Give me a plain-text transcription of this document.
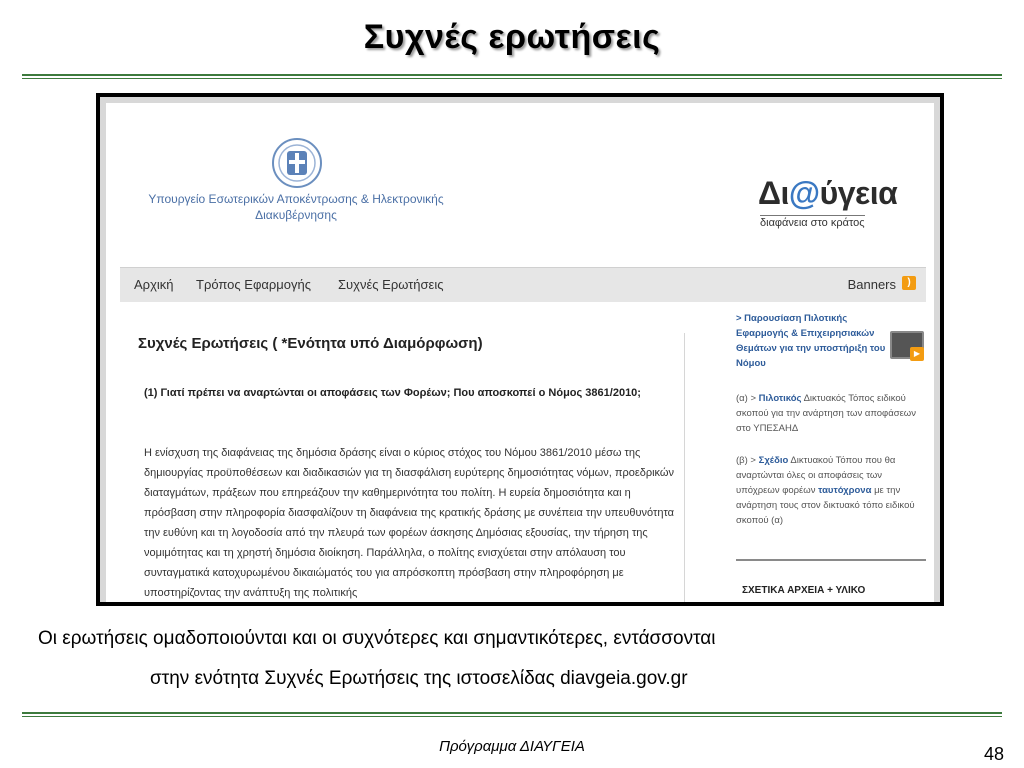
Συχνές ερωτήσεις
Υπουργείο Εσωτερικών Αποκέντρωσης & Ηλεκτρονικής
Διακυβέρνησης
Δι@ύγεια
διαφάνεια στο κράτος
Αρχική Τρόπος Εφαρμογής Συχνές Ερωτήσεις	Banners	)
Συχνές Ερωτήσεις ( *Ενότητα υπό Διαμόρφωση)
(1) Γιατί πρέπει να αναρτώνται οι αποφάσεις των Φορέων; Που αποσκοπεί ο Νόμος 3861/2010;
Η ενίσχυση της διαφάνειας της δημόσια δράσης είναι ο κύριος στόχος του Νόμου 3861/2010 μέσω της δημιουργίας προϋποθέσεων και διαδικασιών για τη διασφάλιση ευρύτερης δημοσιότητας νόμων, προεδρικών διαταγμάτων, πράξεων που επηρεάζουν την καθημερινότητα του πολίτη. Η ευρεία δημοσιότητα και η πρόσβαση στην πληροφορία διασφαλίζουν τη διαφάνεια της κρατικής δράσης με συνέπεια την υπευθυνότητα την ευθύνη και τη λογοδοσία από την πλευρά των φορέων άσκησης Δημόσιας εξουσίας, την τήρηση της νομιμότητας και τη χρηστή δημόσια διοίκηση. Παράλληλα, ο πολίτης ενισχύεται στην απόλαυση του συνταγματικά κατοχυρωμένου δικαιώματός του για απρόσκοπτη πρόσβαση στην πληροφόρηση με υποστηρίζοντας την ανάπτυξη της πολιτικής
> Παρουσίαση Πιλοτικής Εφαρμογής & Επιχειρησιακών Θεμάτων για την υποστήριξη του Νόμου
▶
(α) > Πιλοτικός Δικτυακός Τόπος ειδικού σκοπού για την ανάρτηση των αποφάσεων στο ΥΠΕΣΑΗΔ
(β) > Σχέδιο Δικτυακού Τόπου που θα αναρτώνται όλες οι αποφάσεις των υπόχρεων φορέων ταυτόχρονα με την ανάρτηση τους στον δικτυακό τόπο ειδικού σκοπού (α)
ΣΧΕΤΙΚΑ ΑΡΧΕΙΑ + ΥΛΙΚΟ
Οι ερωτήσεις ομαδοποιούνται και οι συχνότερες και σημαντικότερες, εντάσσονται
στην ενότητα Συχνές Ερωτήσεις της ιστοσελίδας diavgeia.gov.gr
Πρόγραμμα ΔΙΑΥΓΕΙΑ	48
